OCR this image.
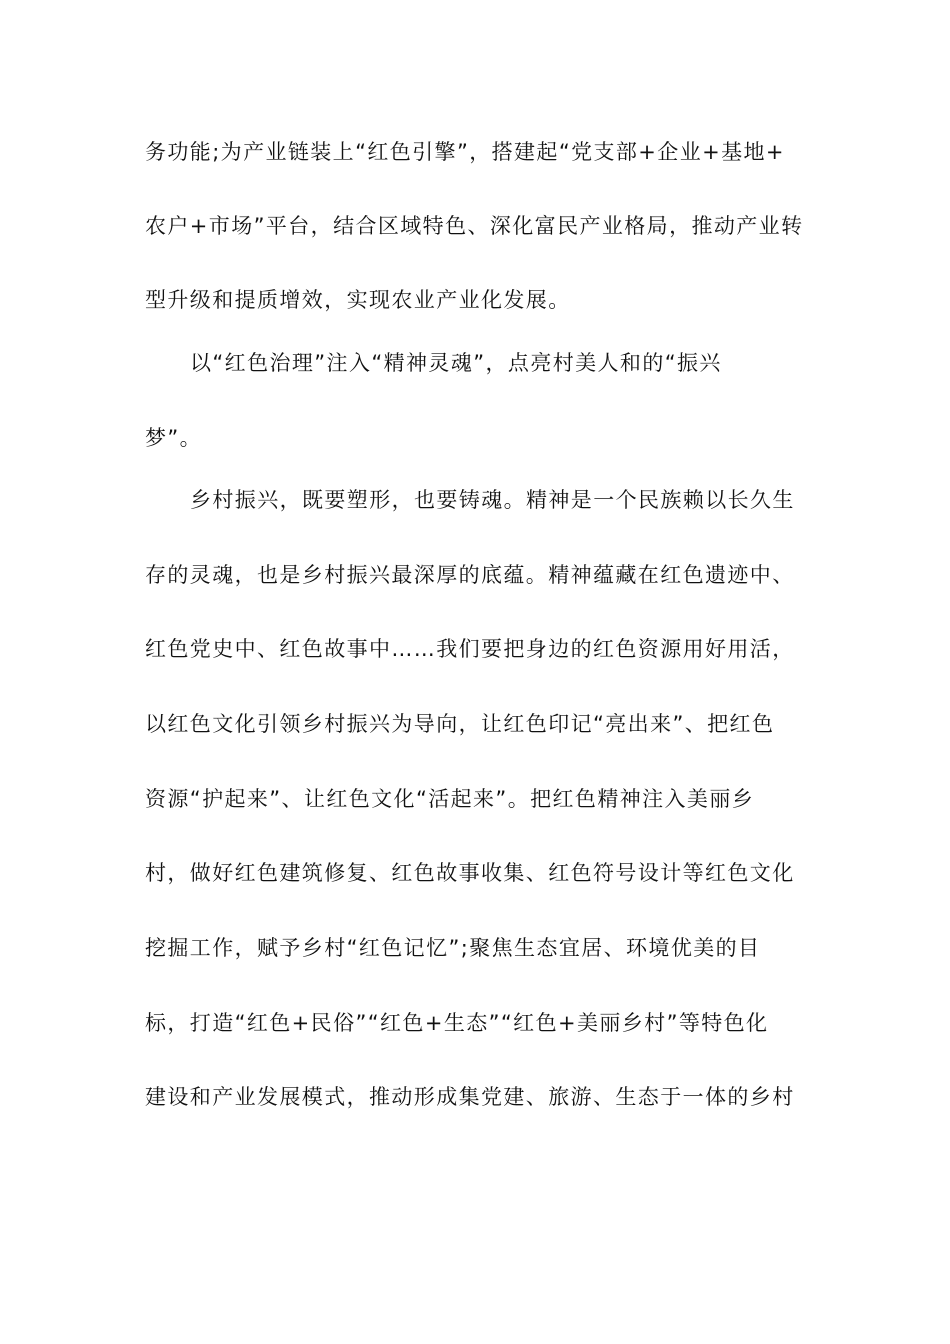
务功能;为产业链装上“红色引擎”，搭建起“党支部+企业+基地+
农户+市场”平台，结合区域特色、深化富民产业格局，推动产业转
型升级和提质增效，实现农业产业化发展。
以“红色治理”注入“精神灵魂”，点亮村美人和的“振兴
梦”。
乡村振兴，既要塑形，也要铸魂。精神是一个民族赖以长久生
存的灵魂，也是乡村振兴最深厚的底蕴。精神蕴藏在红色遗迹中、
红色党史中、红色故事中……我们要把身边的红色资源用好用活，
以红色文化引领乡村振兴为导向，让红色印记“亮出来”、把红色
资源“护起来”、让红色文化“活起来”。把红色精神注入美丽乡
村，做好红色建筑修复、红色故事收集、红色符号设计等红色文化
挖掘工作，赋予乡村“红色记忆”;聚焦生态宜居、环境优美的目
标，打造“红色+民俗”“红色+生态”“红色+美丽乡村”等特色化
建设和产业发展模式，推动形成集党建、旅游、生态于一体的乡村
